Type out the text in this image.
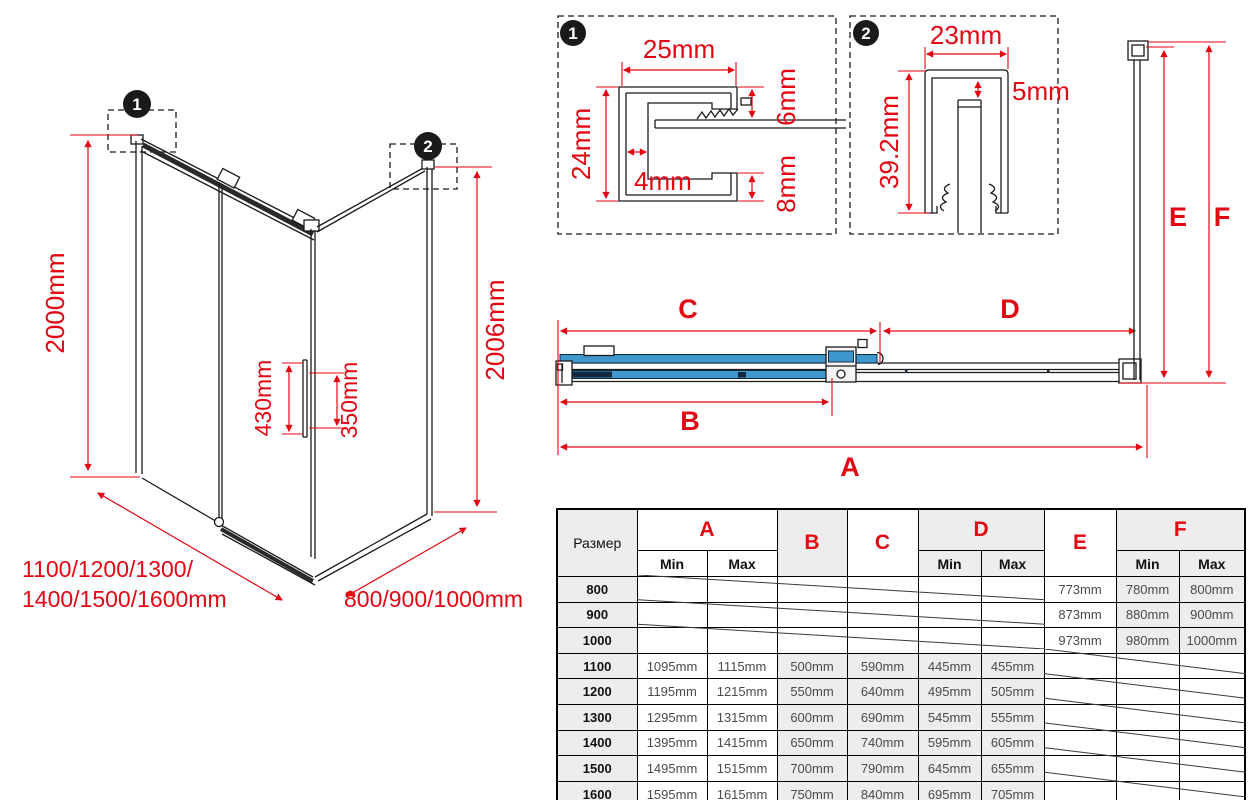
1
2
2000mm	2006mm
430mm	350mm
1100/1200/1300/
1400/1500/1600mm	800/900/1000mm
1
25mm
24mm
4mm
6mm
8mm
2 23mm
5mm
39.2mm
C	D
B
A
E F
Размер	A		B	C	D		E	F	
	Min	Max			Min	Max		Min	Max
800							773mm	780mm	800mm
900							873mm	880mm	900mm
1000							973mm	980mm	1000mm
1100	1095mm	1115mm	500mm	590mm	445mm	455mm			
1200	1195mm	1215mm	550mm	640mm	495mm	505mm			
1300	1295mm	1315mm	600mm	690mm	545mm	555mm			
1400	1395mm	1415mm	650mm	740mm	595mm	605mm			
1500	1495mm	1515mm	700mm	790mm	645mm	655mm			
1600	1595mm	1615mm	750mm	840mm	695mm	705mm			
